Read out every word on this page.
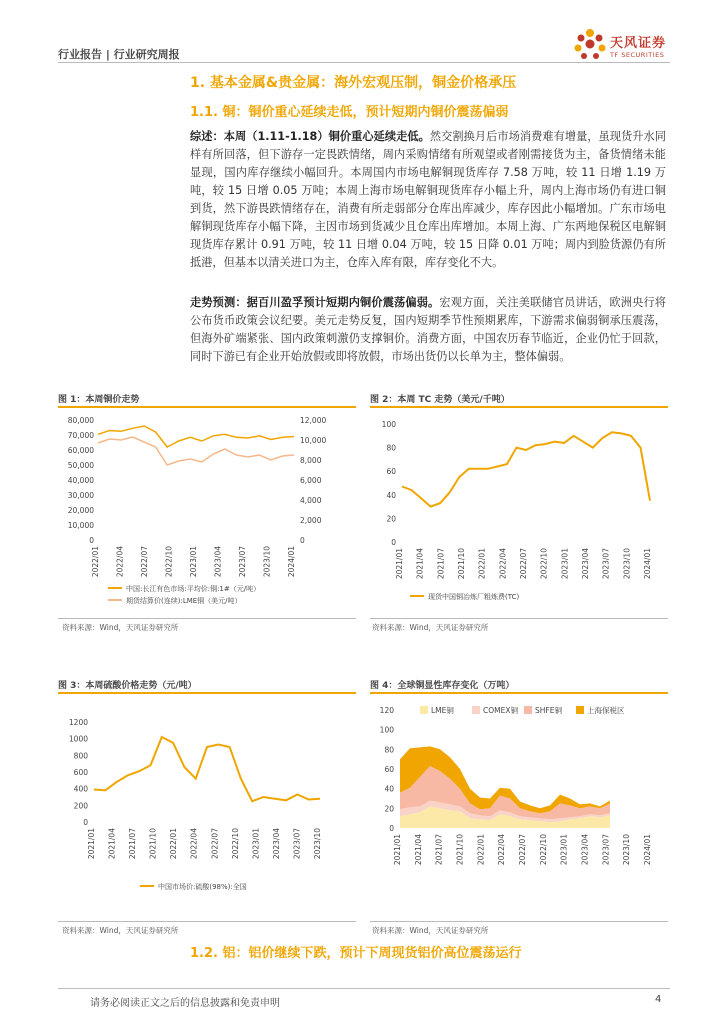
行业报告 | 行业研究周报
天风证券
TF SECURITIES
1. 基本金属&贵金属：海外宏观压制，铜金价格承压
1.1. 铜：铜价重心延续走低，预计短期内铜价震荡偏弱
综述：本周（1.11-1.18）铜价重心延续走低。然交割换月后市场消费难有增量，虽现货升水同样有所回落，但下游存一定畏跌情绪，周内采购情绪有所观望或者刚需接货为主，备货情绪未能显现，国内库存继续小幅回升。本周国内市场电解铜现货库存 7.58 万吨，较 11 日增 1.19 万吨，较 15 日增 0.05 万吨；本周上海市场电解铜现货库存小幅上升，周内上海市场仍有进口铜到货，然下游畏跌情绪存在，消费有所走弱部分仓库出库减少，库存因此小幅增加。广东市场电解铜现货库存小幅下降，主因市场到货减少且仓库出库增加。本周上海、广东两地保税区电解铜现货库存累计 0.91 万吨，较 11 日增 0.04 万吨，较 15 日降 0.01 万吨；周内到脸货源仍有所抵港，但基本以清关进口为主，仓库入库有限，库存变化不大。
走势预测：据百川盈孚预计短期内铜价震荡偏弱。宏观方面，关注美联储官员讲话，欧洲央行将公布货币政策会议纪要。美元走势反复，国内短期季节性预期累库，下游需求偏弱铜承压震荡，但海外矿端紧张、国内政策刺激仍支撑铜价。消费方面，中国农历春节临近，企业仍忙于回款，同时下游已有企业开始放假或即将放假，市场出货仍以长单为主，整体偏弱。
图 1：本周铜价走势
0
10,000
20,000
30,000
40,000
50,000
60,000
70,000
80,000
0
2,000
4,000
6,000
8,000
10,000
12,000
2022/01 2022/04 2022/07 2022/10 2023/01 2023/04 2023/07 2023/10 2024/01
中国:长江有色市场:平均价:铜:1#（元/吨）
期货结算价(连续):LME铜（美元/吨）
资料来源：Wind，天风证券研究所
图 2：本周 TC 走势（美元/千吨）
0
20
40
60
80
100
2021/01 2021/04 2021/07 2021/10 2022/01 2022/04 2022/07 2022/10 2023/01 2023/04 2023/07 2023/10 2024/01
现货中国铜冶炼厂粗炼费(TC)
资料来源：Wind，天风证券研究所
图 3：本周硫酸价格走势（元/吨）
0
200
400
600
800
1000
1200
2021/01 2021/04 2021/07 2021/10 2022/01 2022/04 2022/07 2022/10 2023/01 2023/04 2023/07 2023/10
中国市场价:硫酸(98%):全国
资料来源：Wind，天风证券研究所
图 4：全球铜显性库存变化（万吨）
0
20
40
60
80
100
120
2021/01 2021/04 2021/07 2021/10 2022/01 2022/04 2022/07 2022/10 2023/01 2023/04 2023/07 2023/10 2024/01
LME铜	COMEX铜 SHFE铜	上海保税区
资料来源：Wind，天风证券研究所
1.2. 铝：铝价继续下跌，预计下周现货铝价高位震荡运行
请务必阅读正文之后的信息披露和免责申明	4
